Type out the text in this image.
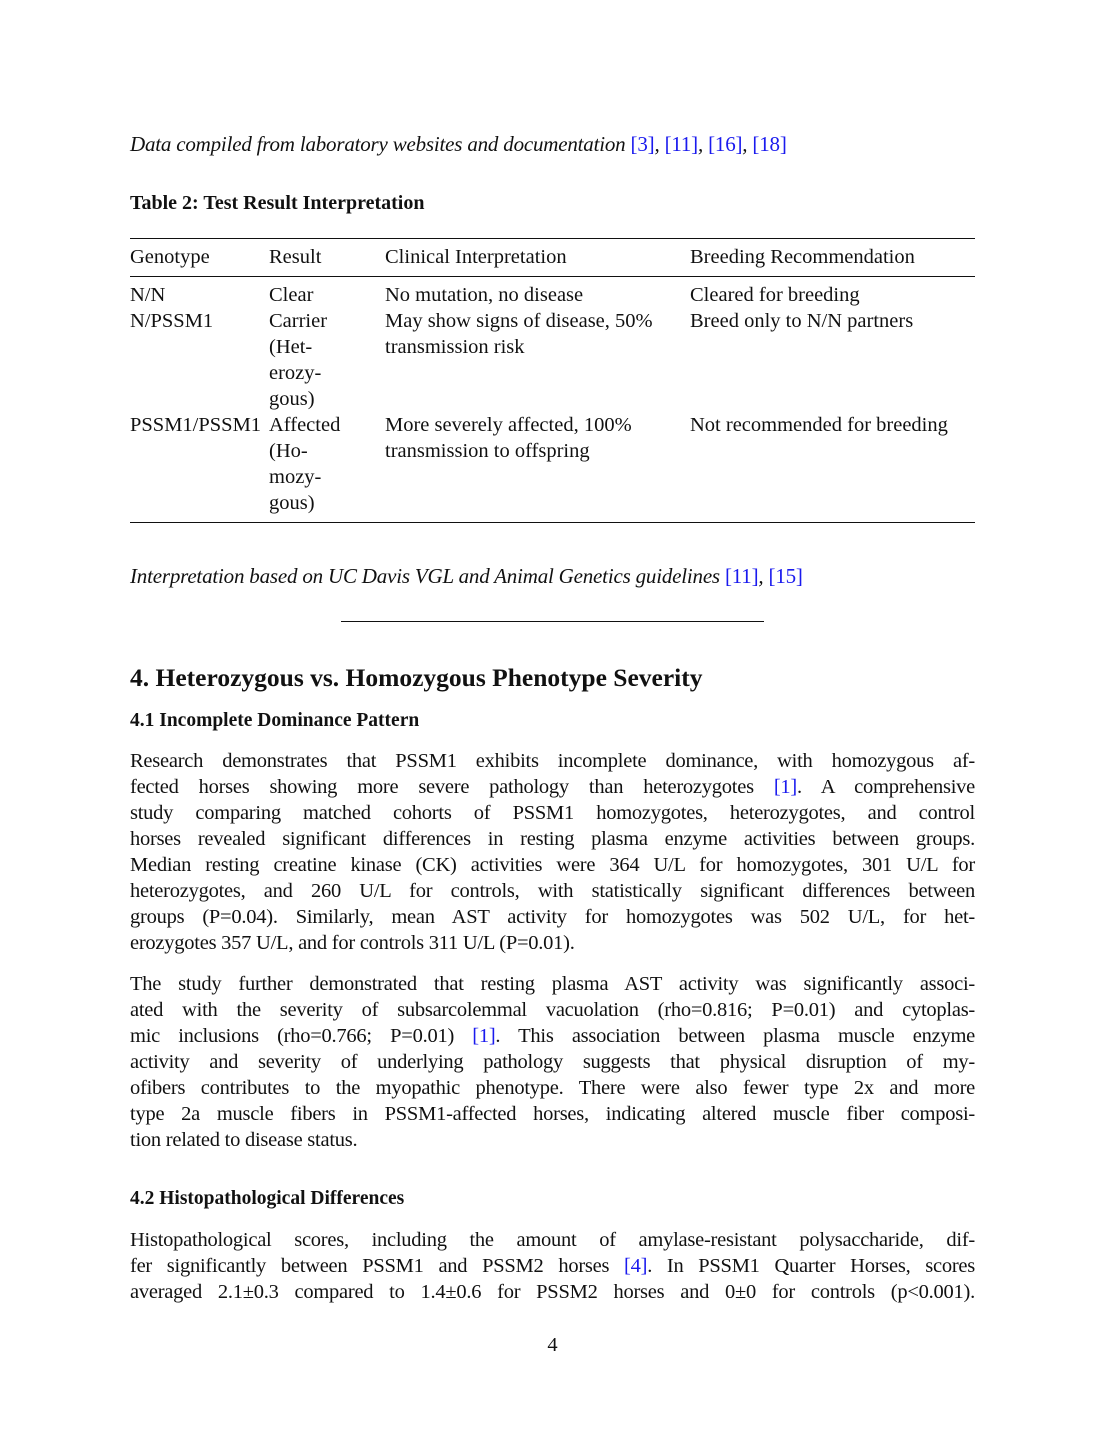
Data compiled from laboratory websites and documentation [3], [11], [16], [18]
Table 2: Test Result Interpretation
Genotype	Result	Clinical Interpretation	Breeding Recommendation
N/N	Clear	No mutation, no disease	Cleared for breeding
N/PSSM1	Carrier
(Het-
erozy-
gous)	May show signs of disease, 50% transmission risk	Breed only to N/N partners
PSSM1/PSSM1	Affected
(Ho-
mozy-
gous)	More severely affected, 100% transmission to offspring	Not recommended for breeding
Interpretation based on UC Davis VGL and Animal Genetics guidelines [11], [15]
4. Heterozygous vs. Homozygous Phenotype Severity
4.1 Incomplete Dominance Pattern

Research demonstrates that PSSM1 exhibits incomplete dominance, with homozygous af-
fected horses showing more severe pathology than heterozygotes [1]. A comprehensive
study comparing matched cohorts of PSSM1 homozygotes, heterozygotes, and control
horses revealed significant differences in resting plasma enzyme activities between groups.
Median resting creatine kinase (CK) activities were 364 U/L for homozygotes, 301 U/L for
heterozygotes, and 260 U/L for controls, with statistically significant differences between
groups (P=0.04). Similarly, mean AST activity for homozygotes was 502 U/L, for het-
erozygotes 357 U/L, and for controls 311 U/L (P=0.01).

The study further demonstrated that resting plasma AST activity was significantly associ-
ated with the severity of subsarcolemmal vacuolation (rho=0.816; P=0.01) and cytoplas-
mic inclusions (rho=0.766; P=0.01) [1]. This association between plasma muscle enzyme
activity and severity of underlying pathology suggests that physical disruption of my-
ofibers contributes to the myopathic phenotype. There were also fewer type 2x and more
type 2a muscle fibers in PSSM1-affected horses, indicating altered muscle fiber composi-
tion related to disease status.

4.2 Histopathological Differences

Histopathological scores, including the amount of amylase-resistant polysaccharide, dif-
fer significantly between PSSM1 and PSSM2 horses [4]. In PSSM1 Quarter Horses, scores
averaged 2.1±0.3 compared to 1.4±0.6 for PSSM2 horses and 0±0 for controls (p<0.001).

4
